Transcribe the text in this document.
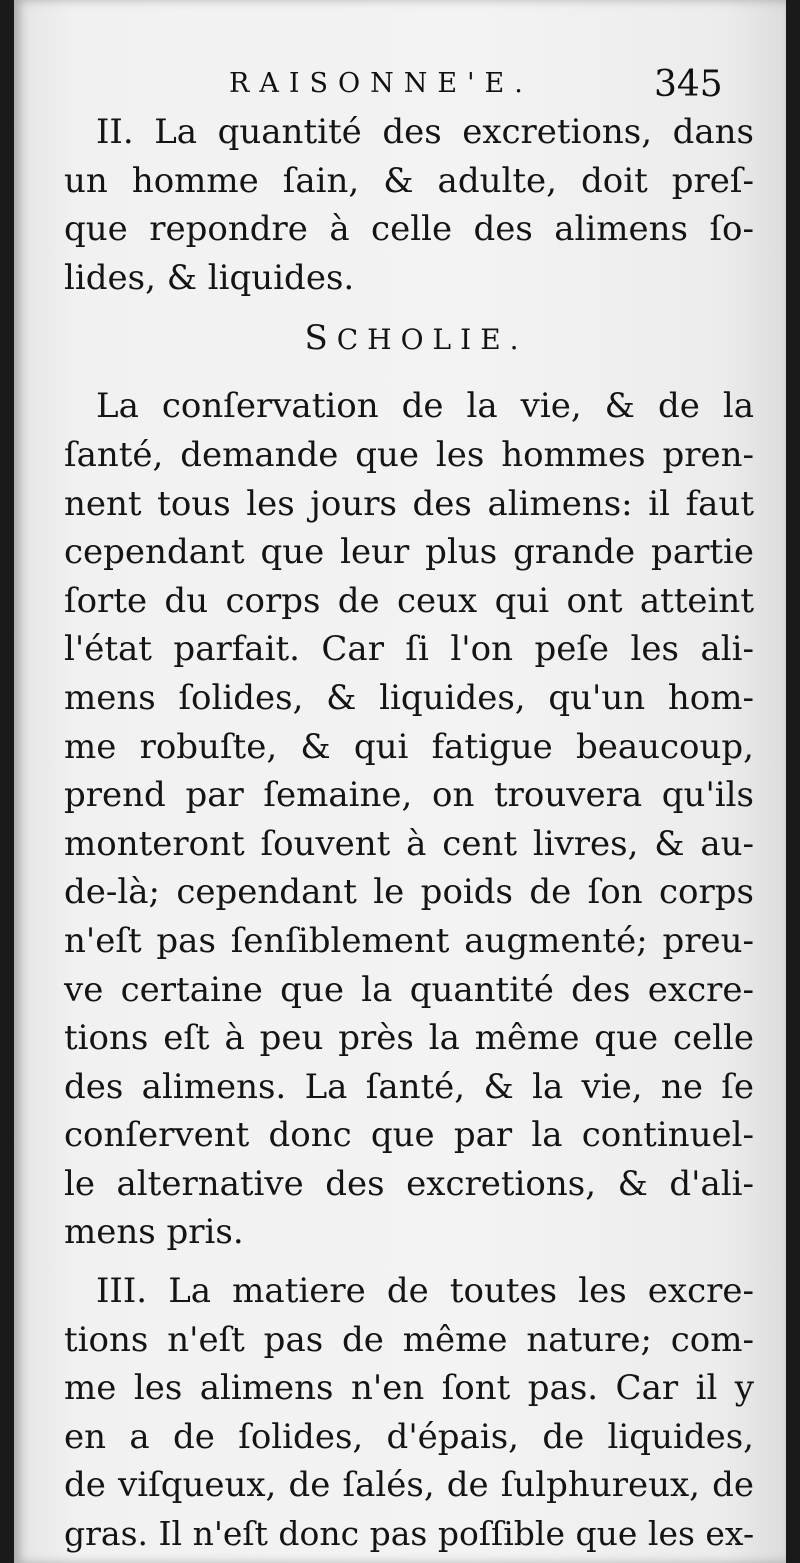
RAISONNE'E.	345
II. La quantité des excretions, dans
un homme ſain, & adulte, doit preſ-
que repondre à celle des alimens ſo-
lides, & liquides.
SCHOLIE.
La conſervation de la vie, & de la
ſanté, demande que les hommes pren-
nent tous les jours des alimens: il faut
cependant que leur plus grande partie
ſorte du corps de ceux qui ont atteint
l'état parfait. Car ſi l'on peſe les ali-
mens ſolides, & liquides, qu'un hom-
me robuſte, & qui fatigue beaucoup,
prend par ſemaine, on trouvera qu'ils
monteront ſouvent à cent livres, & au-
de-là; cependant le poids de ſon corps
n'eſt pas ſenſiblement augmenté; preu-
ve certaine que la quantité des excre-
tions eſt à peu près la même que celle
des alimens. La ſanté, & la vie, ne ſe
conſervent donc que par la continuel-
le alternative des excretions, & d'ali-
mens pris.
III. La matiere de toutes les excre-
tions n'eſt pas de même nature; com-
me les alimens n'en ſont pas. Car il y
en a de ſolides, d'épais, de liquides,
de viſqueux, de ſalés, de ſulphureux, de
gras. Il n'eſt donc pas poſſible que les ex-
